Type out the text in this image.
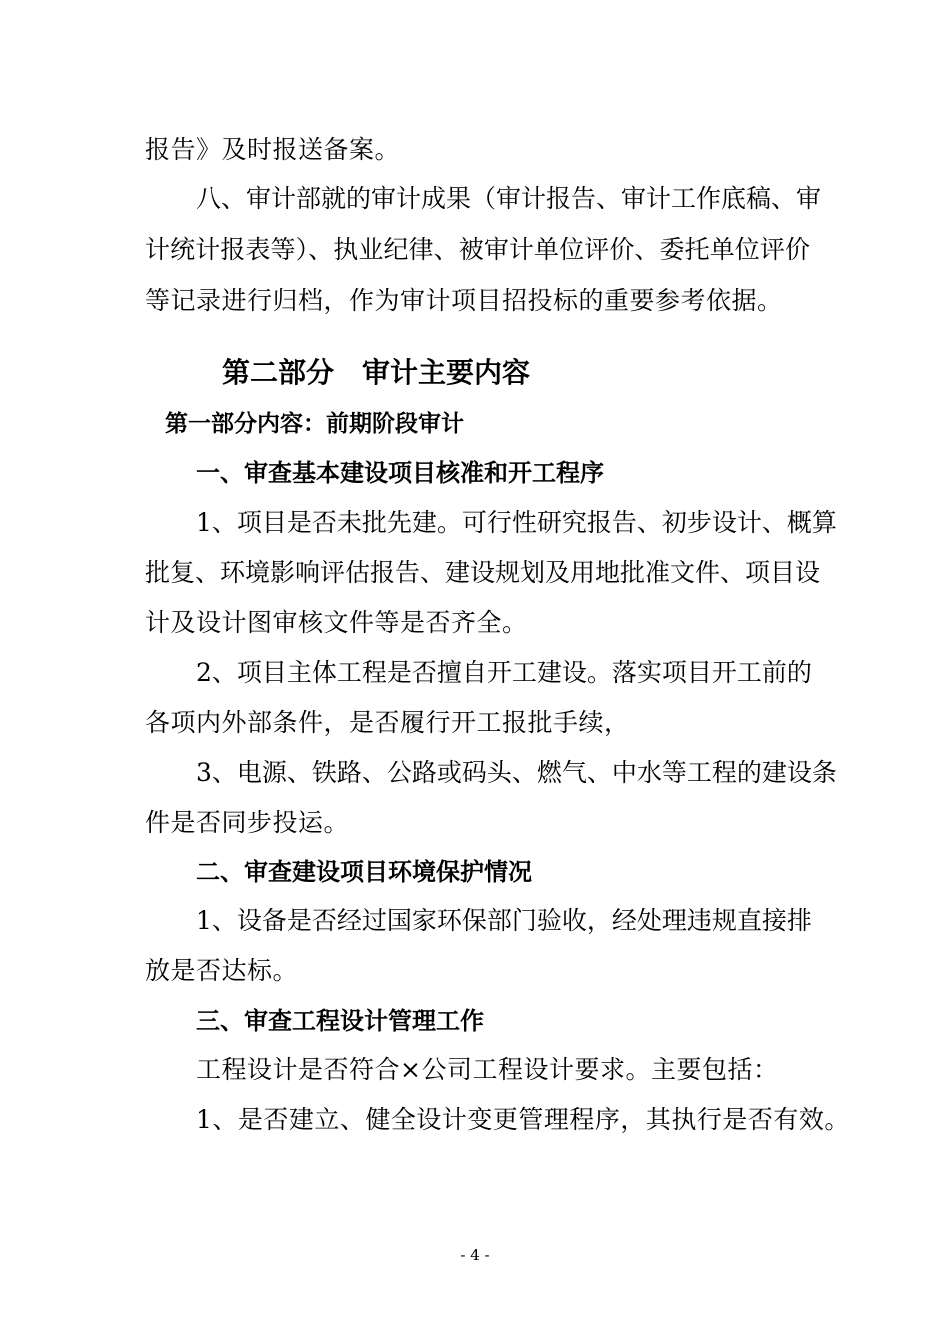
报告》及时报送备案。
八、审计部就的审计成果（审计报告、审计工作底稿、审
计统计报表等）、执业纪律、被审计单位评价、委托单位评价
等记录进行归档，作为审计项目招投标的重要参考依据。
第二部分　审计主要内容
第一部分内容：前期阶段审计
一、审查基本建设项目核准和开工程序
1、项目是否未批先建。可行性研究报告、初步设计、概算
批复、环境影响评估报告、建设规划及用地批准文件、项目设
计及设计图审核文件等是否齐全。
2、项目主体工程是否擅自开工建设。落实项目开工前的
各项内外部条件，是否履行开工报批手续，
3、电源、铁路、公路或码头、燃气、中水等工程的建设条
件是否同步投运。
二、审查建设项目环境保护情况
1、设备是否经过国家环保部门验收，经处理违规直接排
放是否达标。
三、审查工程设计管理工作
工程设计是否符合×公司工程设计要求。主要包括：
1、是否建立、健全设计变更管理程序，其执行是否有效。
- 4 -
